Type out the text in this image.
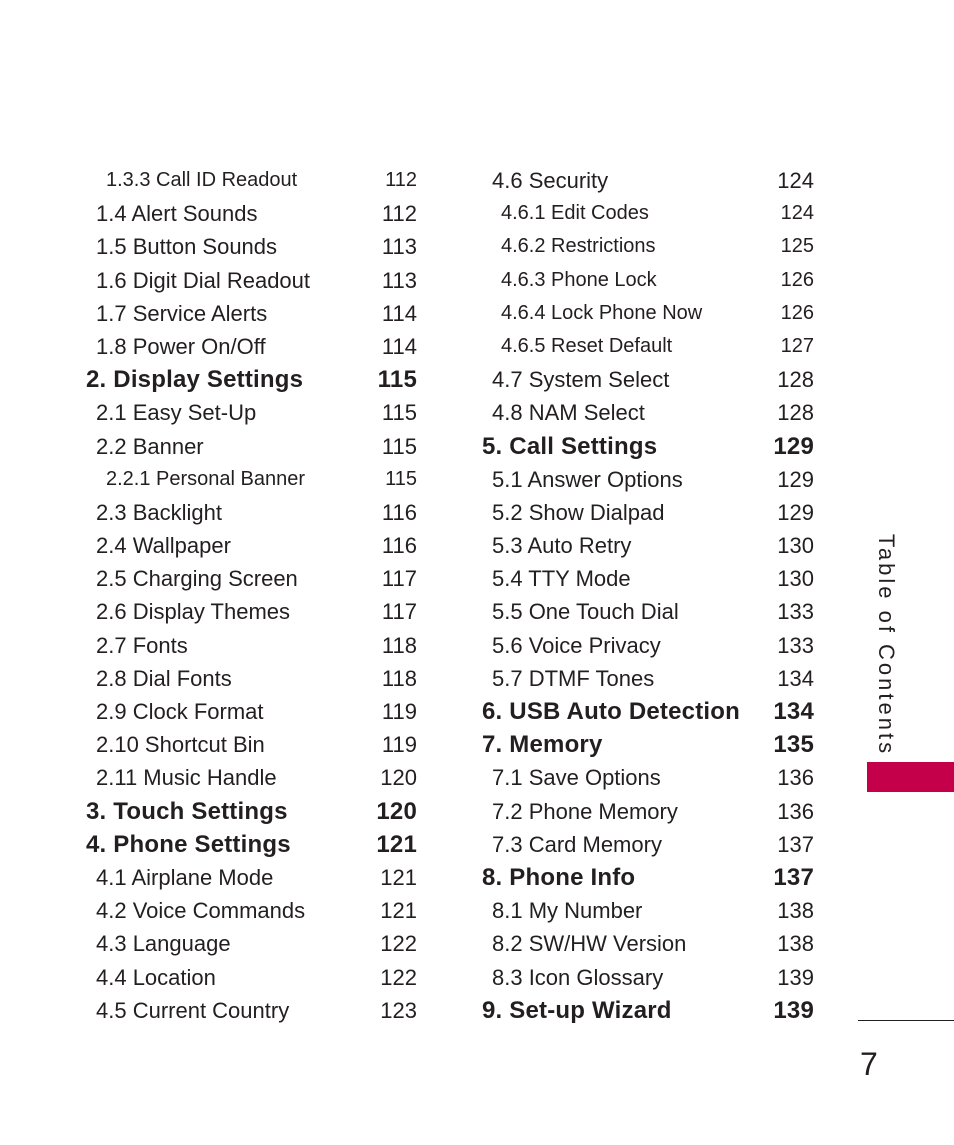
1.3.3 Call ID Readout	112
1.4 Alert Sounds	112
1.5 Button Sounds	113
1.6 Digit Dial Readout	113
1.7 Service Alerts	114
1.8 Power On/Off	114
2. Display Settings	115
2.1 Easy Set-Up	115
2.2 Banner	115
2.2.1 Personal Banner	115
2.3 Backlight	116
2.4 Wallpaper	116
2.5 Charging Screen	117
2.6 Display Themes	117
2.7 Fonts	118
2.8 Dial Fonts	118
2.9 Clock Format	119
2.10 Shortcut Bin	119
2.11 Music Handle	120
3. Touch Settings	120
4. Phone Settings	121
4.1 Airplane Mode	121
4.2 Voice Commands	121
4.3 Language	122
4.4 Location	122
4.5 Current Country	123
4.6 Security	124
4.6.1 Edit Codes	124
4.6.2 Restrictions	125
4.6.3 Phone Lock	126
4.6.4 Lock Phone Now	126
4.6.5 Reset Default	127
4.7 System Select	128
4.8 NAM Select	128
5. Call Settings	129
5.1 Answer Options	129
5.2 Show Dialpad	129
5.3 Auto Retry	130
5.4 TTY Mode	130
5.5 One Touch Dial	133
5.6 Voice Privacy	133
5.7 DTMF Tones	134
6. USB Auto Detection 134
7. Memory	135
7.1 Save Options	136
7.2 Phone Memory	136
7.3 Card Memory	137
8. Phone Info	137
8.1 My Number	138
8.2 SW/HW Version	138
8.3 Icon Glossary	139
9. Set-up Wizard	139
Table of Contents
7
